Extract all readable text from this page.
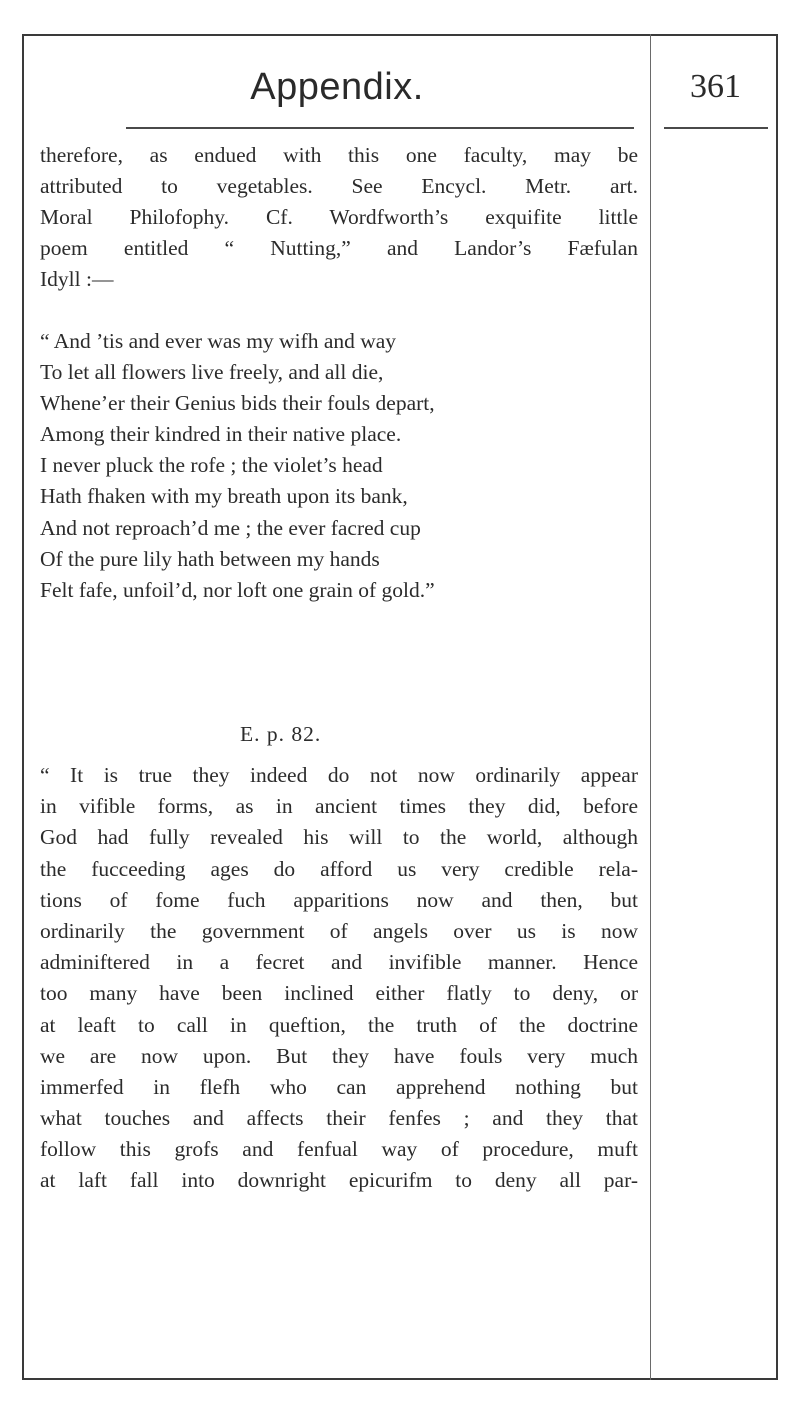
Appendix.	361
therefore, as endued with this one faculty, may be
attributed to vegetables. See Encycl. Metr. art.
Moral Philofophy. Cf. Wordfworth’s exquifite little
poem entitled “ Nutting,” and Landor’s Fæfulan
Idyll :—
“ And ’tis and ever was my wifh and way
To let all flowers live freely, and all die,
Whene’er their Genius bids their fouls depart,
Among their kindred in their native place.
I never pluck the rofe ; the violet’s head
Hath fhaken with my breath upon its bank,
And not reproach’d me ; the ever facred cup
Of the pure lily hath between my hands
Felt fafe, unfoil’d, nor loft one grain of gold.”
E. p. 82.
“ It is true they indeed do not now ordinarily appear
in vifible forms, as in ancient times they did, before
God had fully revealed his will to the world, although
the fucceeding ages do afford us very credible rela-
tions of fome fuch apparitions now and then, but
ordinarily the government of angels over us is now
adminiftered in a fecret and invifible manner. Hence
too many have been inclined either flatly to deny, or
at leaft to call in queftion, the truth of the doctrine
we are now upon. But they have fouls very much
immerfed in flefh who can apprehend nothing but
what touches and affects their fenfes ; and they that
follow this grofs and fenfual way of procedure, muft
at laft fall into downright epicurifm to deny all par-
